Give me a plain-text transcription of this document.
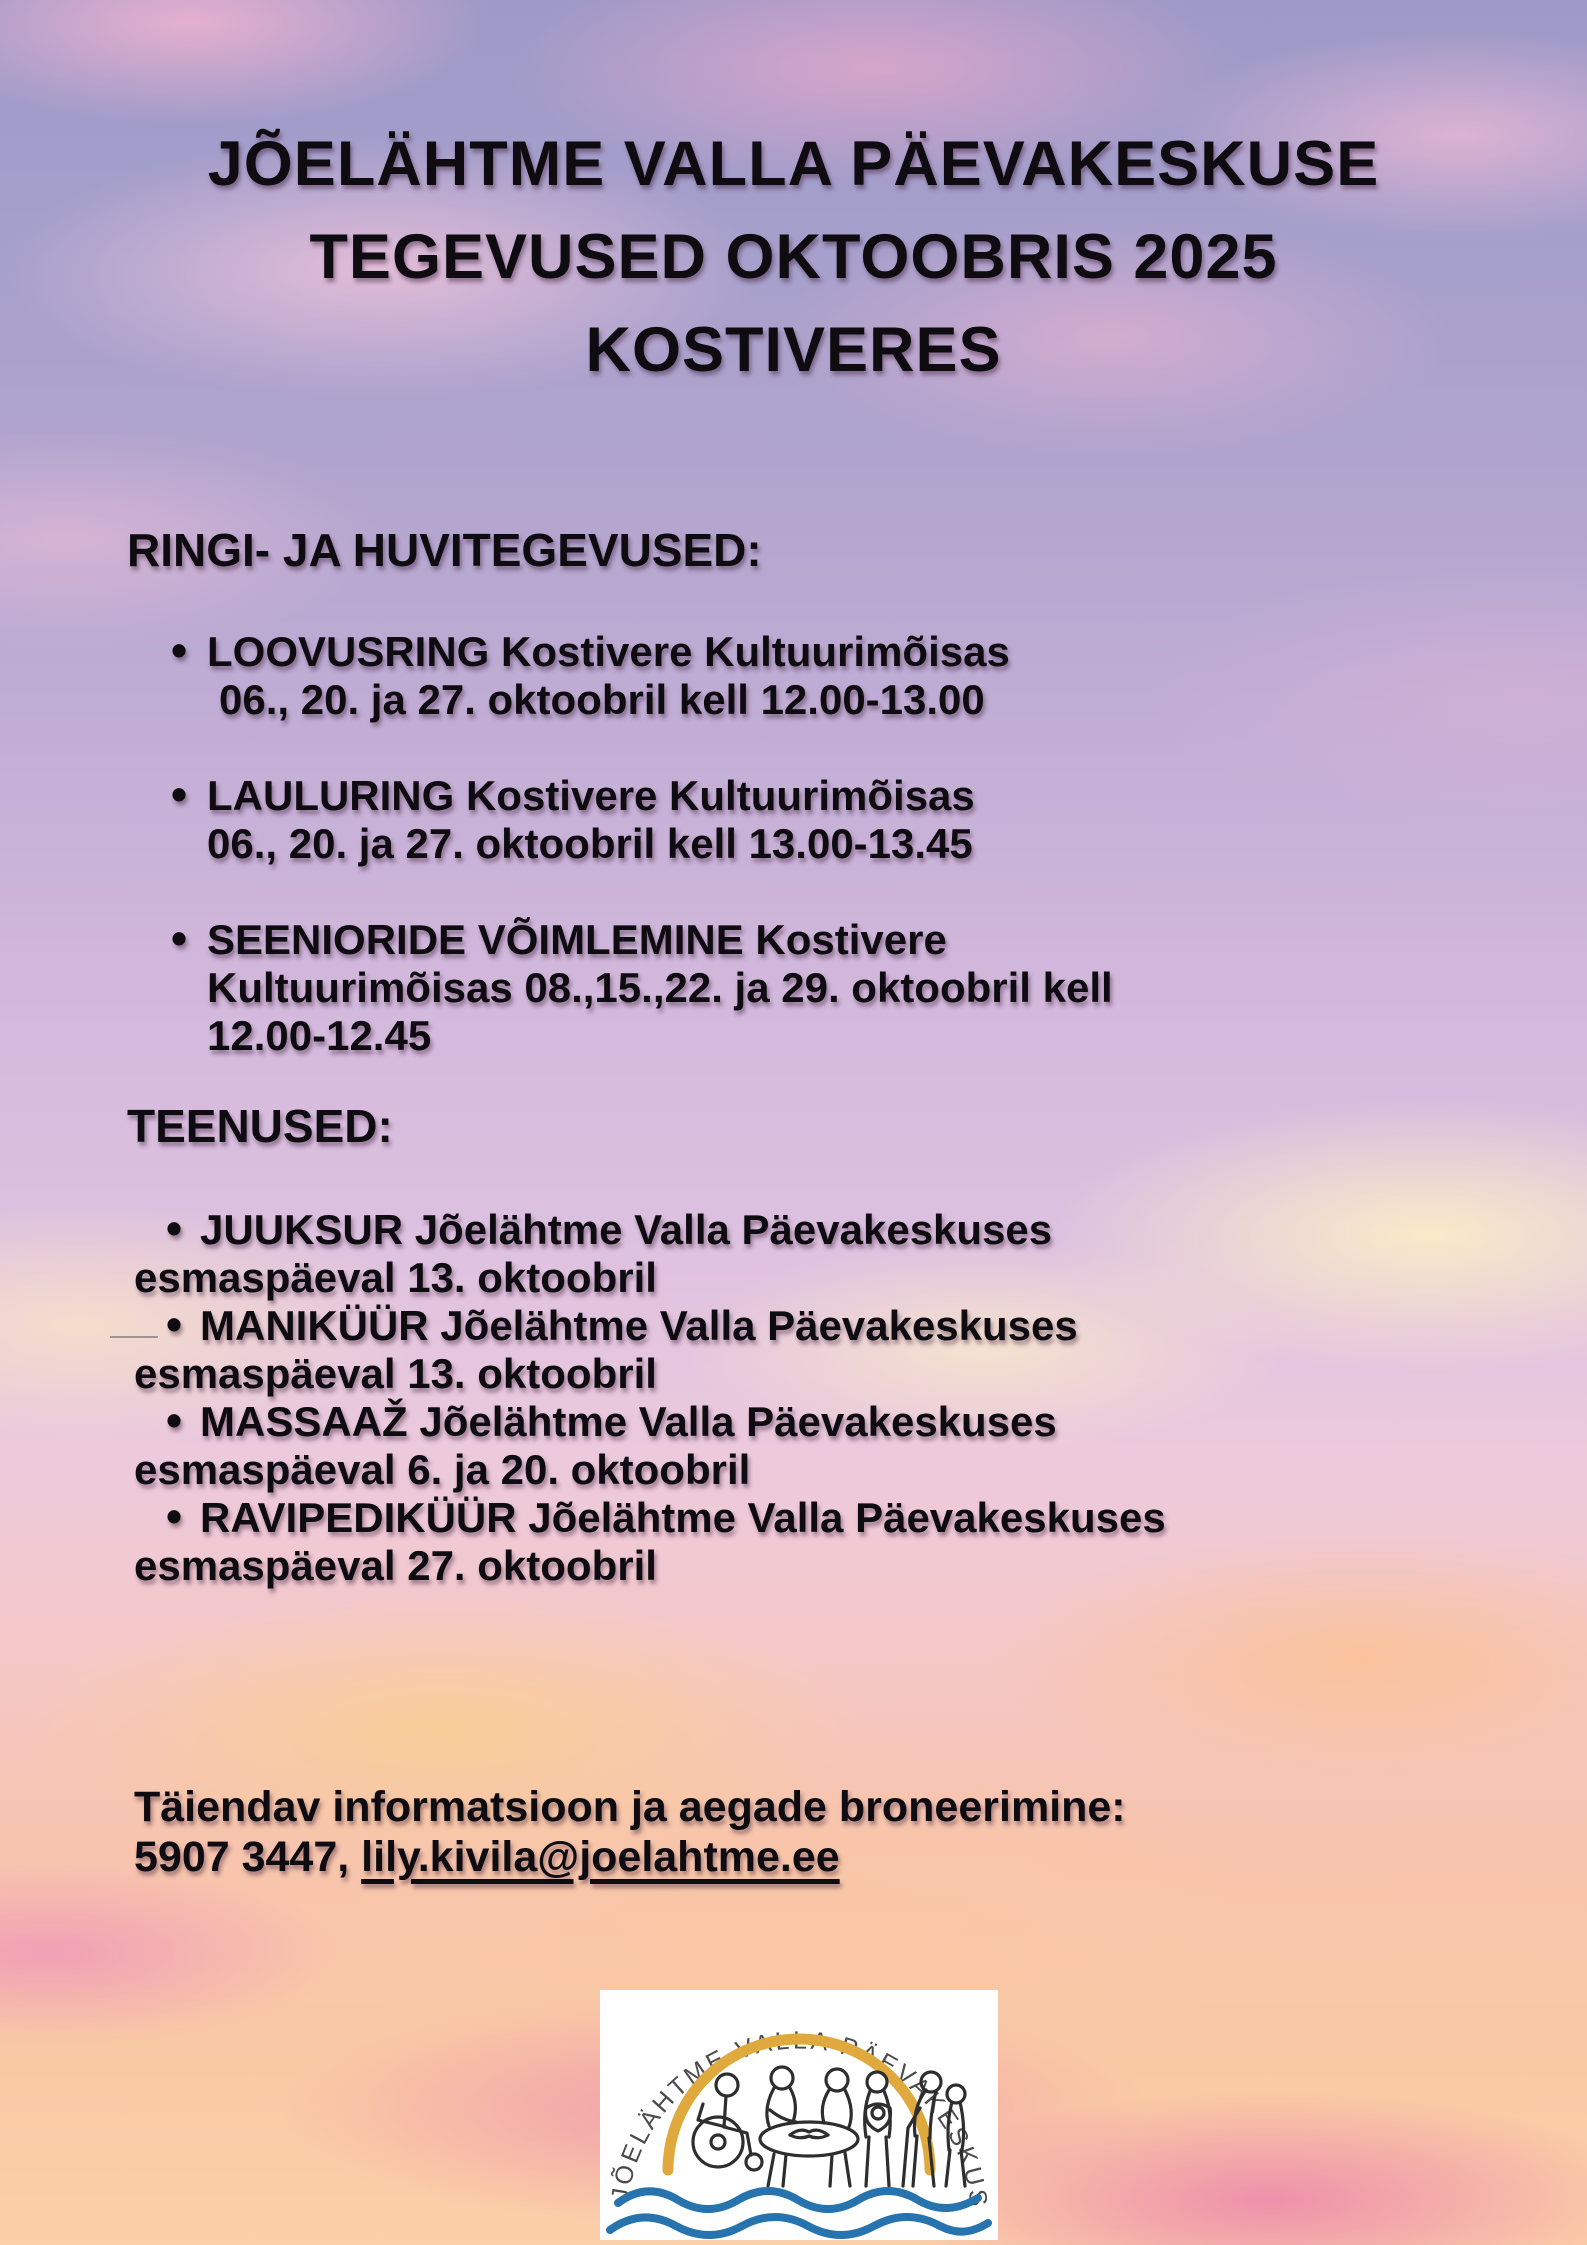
JÕELÄHTME VALLA PÄEVAKESKUSE
TEGEVUSED OKTOOBRIS 2025
KOSTIVERES
RINGI- JA HUVITEGEVUSED:
• LOOVUSRING Kostivere Kultuurimõisas
06., 20. ja 27. oktoobril kell 12.00-13.00
• LAULURING Kostivere Kultuurimõisas
06., 20. ja 27. oktoobril kell 13.00-13.45
• SEENIORIDE VÕIMLEMINE Kostivere
Kultuurimõisas 08.,15.,22. ja 29. oktoobril kell
12.00-12.45
TEENUSED:
• JUUKSUR Jõelähtme Valla Päevakeskuses
esmaspäeval 13. oktoobril
• MANIKÜÜR Jõelähtme Valla Päevakeskuses
esmaspäeval 13. oktoobril
• MASSAAŽ Jõelähtme Valla Päevakeskuses
esmaspäeval 6. ja 20. oktoobril
• RAVIPEDIKÜÜR Jõelähtme Valla Päevakeskuses
esmaspäeval 27. oktoobril
Täiendav informatsioon ja aegade broneerimine:
5907 3447, lily.kivila@joelahtme.ee
JÕELÄHTME VALLA PÄEVAKESKUS
